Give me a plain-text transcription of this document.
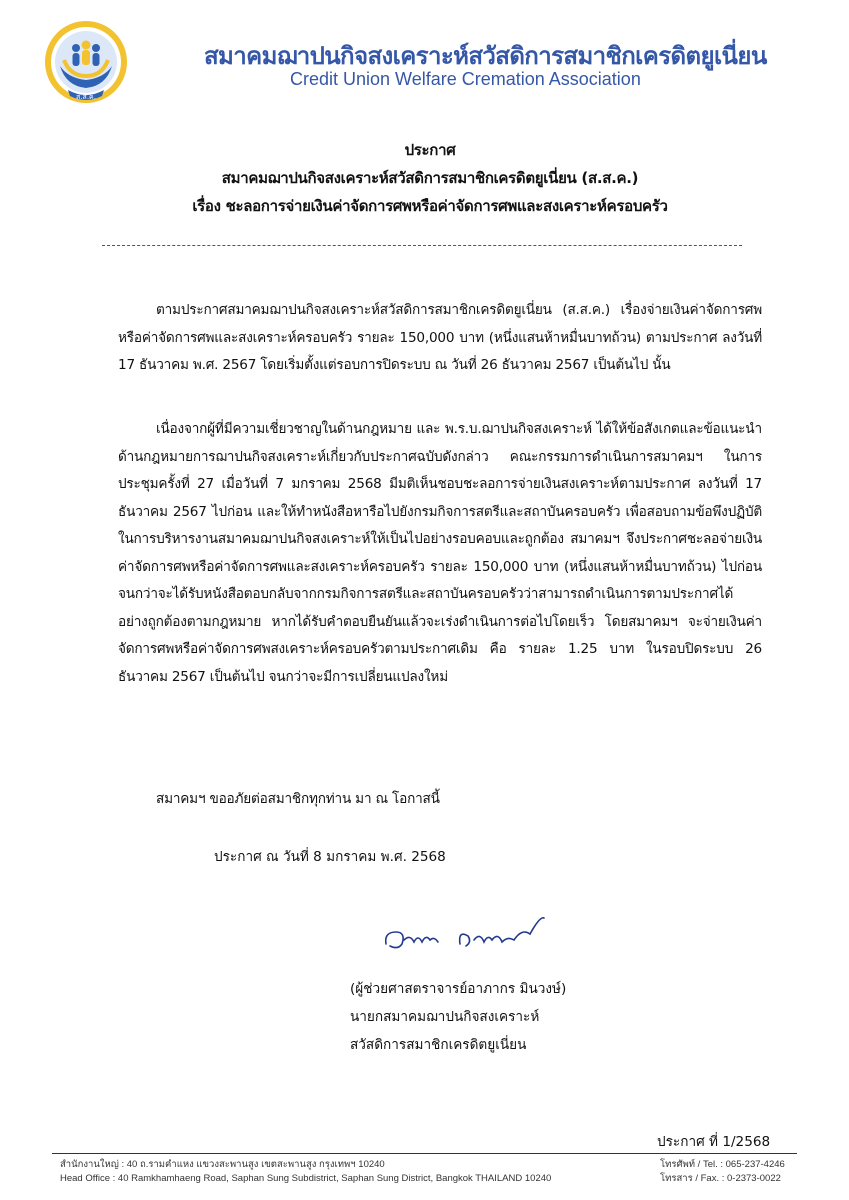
ส.ส.ค.
สมาคมฌาปนกิจสงเคราะห์สวัสดิการสมาชิกเครดิตยูเนี่ยน
Credit Union Welfare Cremation Association
ประกาศ
สมาคมฌาปนกิจสงเคราะห์สวัสดิการสมาชิกเครดิตยูเนี่ยน (ส.ส.ค.)
เรื่อง ชะลอการจ่ายเงินค่าจัดการศพหรือค่าจัดการศพและสงเคราะห์ครอบครัว

ตามประกาศสมาคมฌาปนกิจสงเคราะห์สวัสดิการสมาชิกเครดิตยูเนี่ยน (ส.ส.ค.) เรื่องจ่ายเงินค่าจัดการศพหรือค่าจัดการศพและสงเคราะห์ครอบครัว รายละ 150,000 บาท (หนึ่งแสนห้าหมื่นบาทถ้วน) ตามประกาศ ลงวันที่ 17 ธันวาคม พ.ศ. 2567 โดยเริ่มตั้งแต่รอบการปิดระบบ ณ วันที่ 26 ธันวาคม 2567 เป็นต้นไป นั้น

เนื่องจากผู้ที่มีความเชี่ยวชาญในด้านกฎหมาย และ พ.ร.บ.ฌาปนกิจสงเคราะห์ ได้ให้ข้อสังเกตและข้อแนะนำด้านกฎหมายการฌาปนกิจสงเคราะห์เกี่ยวกับประกาศฉบับดังกล่าว คณะกรรมการดำเนินการสมาคมฯ ในการประชุมครั้งที่ 27 เมื่อวันที่ 7 มกราคม 2568 มีมติเห็นชอบชะลอการจ่ายเงินสงเคราะห์ตามประกาศ ลงวันที่ 17 ธันวาคม 2567 ไปก่อน และให้ทำหนังสือหารือไปยังกรมกิจการสตรีและสถาบันครอบครัว เพื่อสอบถามข้อพึงปฏิบัติในการบริหารงานสมาคมฌาปนกิจสงเคราะห์ให้เป็นไปอย่างรอบคอบและถูกต้อง สมาคมฯ จึงประกาศชะลอจ่ายเงินค่าจัดการศพหรือค่าจัดการศพและสงเคราะห์ครอบครัว รายละ 150,000 บาท (หนึ่งแสนห้าหมื่นบาทถ้วน) ไปก่อน จนกว่าจะได้รับหนังสือตอบกลับจากกรมกิจการสตรีและสถาบันครอบครัวว่าสามารถดำเนินการตามประกาศได้อย่างถูกต้องตามกฎหมาย หากได้รับคำตอบยืนยันแล้วจะเร่งดำเนินการต่อไปโดยเร็ว โดยสมาคมฯ จะจ่ายเงินค่าจัดการศพหรือค่าจัดการศพสงเคราะห์ครอบครัวตามประกาศเดิม คือ รายละ 1.25 บาท ในรอบปิดระบบ 26 ธันวาคม 2567 เป็นต้นไป จนกว่าจะมีการเปลี่ยนแปลงใหม่

สมาคมฯ ขออภัยต่อสมาชิกทุกท่าน มา ณ โอกาสนี้

ประกาศ ณ วันที่ 8 มกราคม พ.ศ. 2568
(ผู้ช่วยศาสตราจารย์อาภากร มินวงษ์)
นายกสมาคมฌาปนกิจสงเคราะห์
สวัสดิการสมาชิกเครดิตยูเนี่ยน
ประกาศ ที่ 1/2568
สำนักงานใหญ่ : 40 ถ.รามคำแหง แขวงสะพานสูง เขตสะพานสูง กรุงเทพฯ 10240
Head Office : 40 Ramkhamhaeng Road, Saphan Sung Subdistrict, Saphan Sung District, Bangkok THAILAND 10240
โทรศัพท์ / Tel. : 065-237-4246
โทรสาร / Fax. : 0-2373-0022
